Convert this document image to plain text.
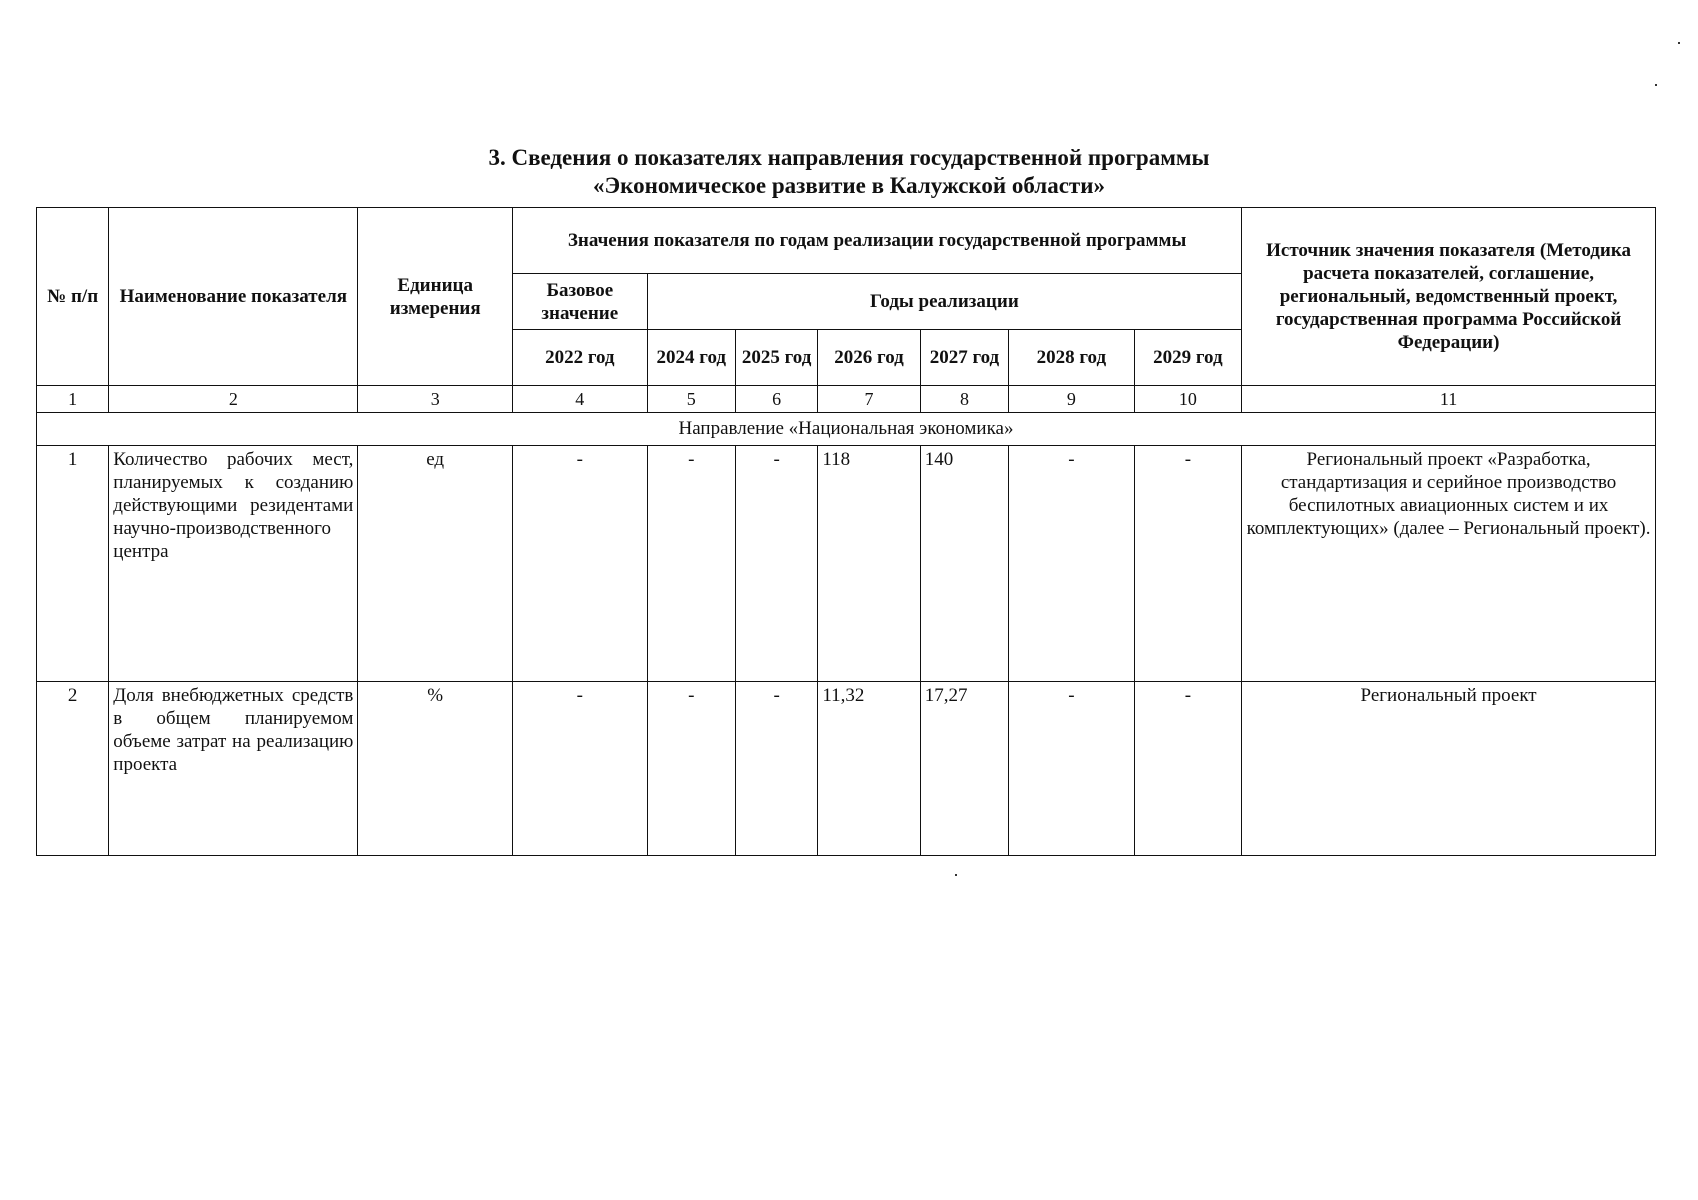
3. Сведения о показателях направления государственной программы
«Экономическое развитие в Калужской области»
№ п/п	Наименование показателя	Единица измерения	Значения показателя по годам реализации государственной программы							Источник значения показателя (Методика расчета показателей, соглашение, региональный, ведомственный проект, государственная программа Российской Федерации)
			Базовое значение	Годы реализации						
			2022 год	2024 год	2025 год	2026 год	2027 год	2028 год	2029 год	
1	2	3	4	5	6	7	8	9	10	11
Направление «Национальная экономика»										
1	Количество рабочих мест, планируемых к созданию действующими резидентами научно-производственного центра	ед	-	-	-	118	140	-	-	Региональный проект «Разработка, стандартизация и серийное производство беспилотных авиационных систем и их комплектующих» (далее – Региональный проект).
2	Доля внебюджетных средств в общем планируемом объеме затрат на реализацию проекта	%	-	-	-	11,32	17,27	-	-	Региональный проект
